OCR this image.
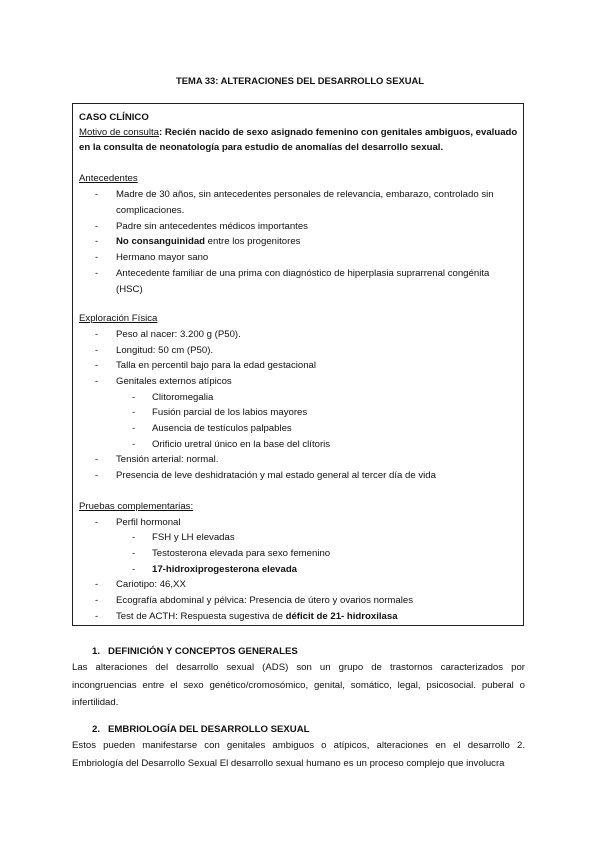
TEMA 33: ALTERACIONES DEL DESARROLLO SEXUAL
CASO CLÍNICO
Motivo de consulta: Recién nacido de sexo asignado femenino con genitales ambiguos, evaluado
en la consulta de neonatología para estudio de anomalías del desarrollo sexual.
Antecedentes
- Madre de 30 años, sin antecedentes personales de relevancia, embarazo, controlado sin
complicaciones.
- Padre sin antecedentes médicos importantes
- No consanguinidad entre los progenitores
- Hermano mayor sano
- Antecedente familiar de una prima con diagnóstico de hiperplasia suprarrenal congénita
(HSC)
Exploración Física
- Peso al nacer: 3.200 g (P50).
- Longitud: 50 cm (P50).
- Talla en percentil bajo para la edad gestacional
- Genitales externos atípicos
- Clitoromegalia
- Fusión parcial de los labios mayores
- Ausencia de testículos palpables
- Orificio uretral único en la base del clítoris
- Tensión arterial: normal.
- Presencia de leve deshidratación y mal estado general al tercer día de vida
Pruebas complementarias:
- Perfil hormonal
- FSH y LH elevadas
- Testosterona elevada para sexo femenino
- 17-hidroxiprogesterona elevada
- Cariotipo: 46,XX
- Ecografía abdominal y pélvica: Presencia de útero y ovarios normales
- Test de ACTH: Respuesta sugestiva de déficit de 21- hidroxilasa
1. DEFINICIÓN Y CONCEPTOS GENERALES

Las alteraciones del desarrollo sexual (ADS) son un grupo de trastornos caracterizados por incongruencias entre el sexo genético/cromosómico, genital, somático, legal, psicosocial. puberal o infertilidad.

2. EMBRIOLOGÍA DEL DESARROLLO SEXUAL

Estos pueden manifestarse con genitales ambiguos o atípicos, alteraciones en el desarrollo 2. Embriología del Desarrollo Sexual El desarrollo sexual humano es un proceso complejo que involucra
